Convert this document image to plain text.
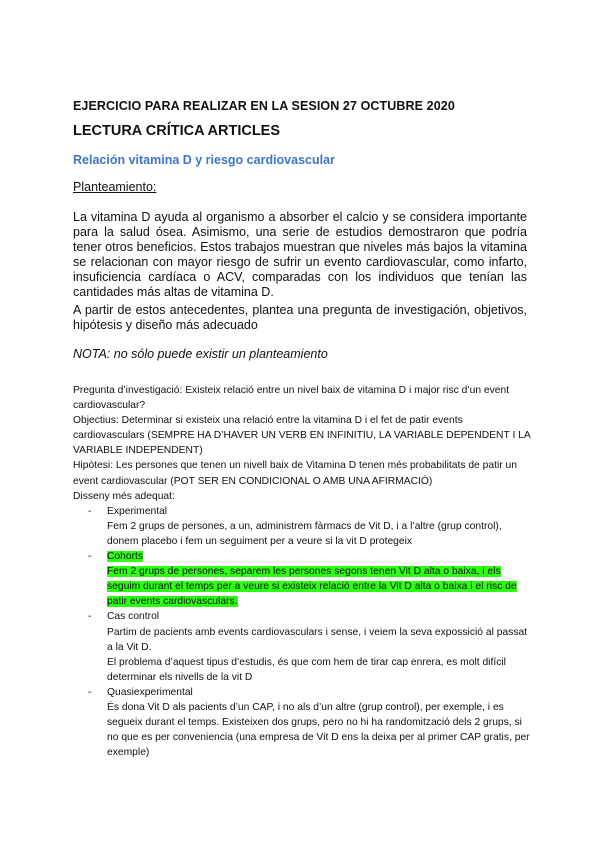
EJERCICIO PARA REALIZAR EN LA SESION 27 OCTUBRE 2020
LECTURA CRÍTICA ARTICLES
Relación vitamina D y riesgo cardiovascular
Planteamiento:
La vitamina D ayuda al organismo a absorber el calcio y se considera importante para la salud ósea. Asimismo, una serie de estudios demostraron que podría tener otros beneficios. Estos trabajos muestran que niveles más bajos la vitamina se relacionan con mayor riesgo de sufrir un evento cardiovascular, como infarto, insuficiencia cardíaca o ACV, comparadas con los individuos que tenían las cantidades más altas de vitamina D.
A partir de estos antecedentes, plantea una pregunta de investigación, objetivos, hipótesis y diseño más adecuado
NOTA: no sólo puede existir un planteamiento

Pregunta d’investigació: Existeix relació entre un nivel baix de vitamina D i major risc d’un event cardiovascular?

Objectius: Determinar si existeix una relació entre la vitamina D i el fet de patir events cardiovasculars (SEMPRE HA D’HAVER UN VERB EN INFINITIU, LA VARIABLE DEPENDENT I LA VARIABLE INDEPENDENT)

Hipòtesi: Les persones que tenen un nivell baix de Vitamina D tenen més probabilitats de patir un event cardiovascular (POT SER EN CONDICIONAL O AMB UNA AFIRMACIÓ)

Disseny més adequat:

- Experimental
Fem 2 grups de persones, a un, administrem fàrmacs de Vit D, i a l’altre (grup control), donem placebo i fem un seguiment per a veure si la vit D protegeix
- Cohorts
Fem 2 grups de persones, separem les persones segons tenen Vit D alta o baixa, i els seguim durant el temps per a veure si existeix relació entre la Vit D alta o baixa i el risc de patir events cardiovasculars.
- Cas control
Partim de pacients amb events cardiovasculars i sense, i veiem la seva expossició al passat a la Vit D.
El problema d’aquest tipus d’estudis, és que com hem de tirar cap enrera, es molt difícil determinar els nivells de la vit D
- Quasiexperimental
És dona Vit D als pacients d’un CAP, i no als d’un altre (grup control), per exemple, i es segueix durant el temps. Existeixen dos grups, pero no hi ha randomització dels 2 grups, si no que es per conveniencia (una empresa de Vit D ens la deixa per al primer CAP gratis, per exemple)
